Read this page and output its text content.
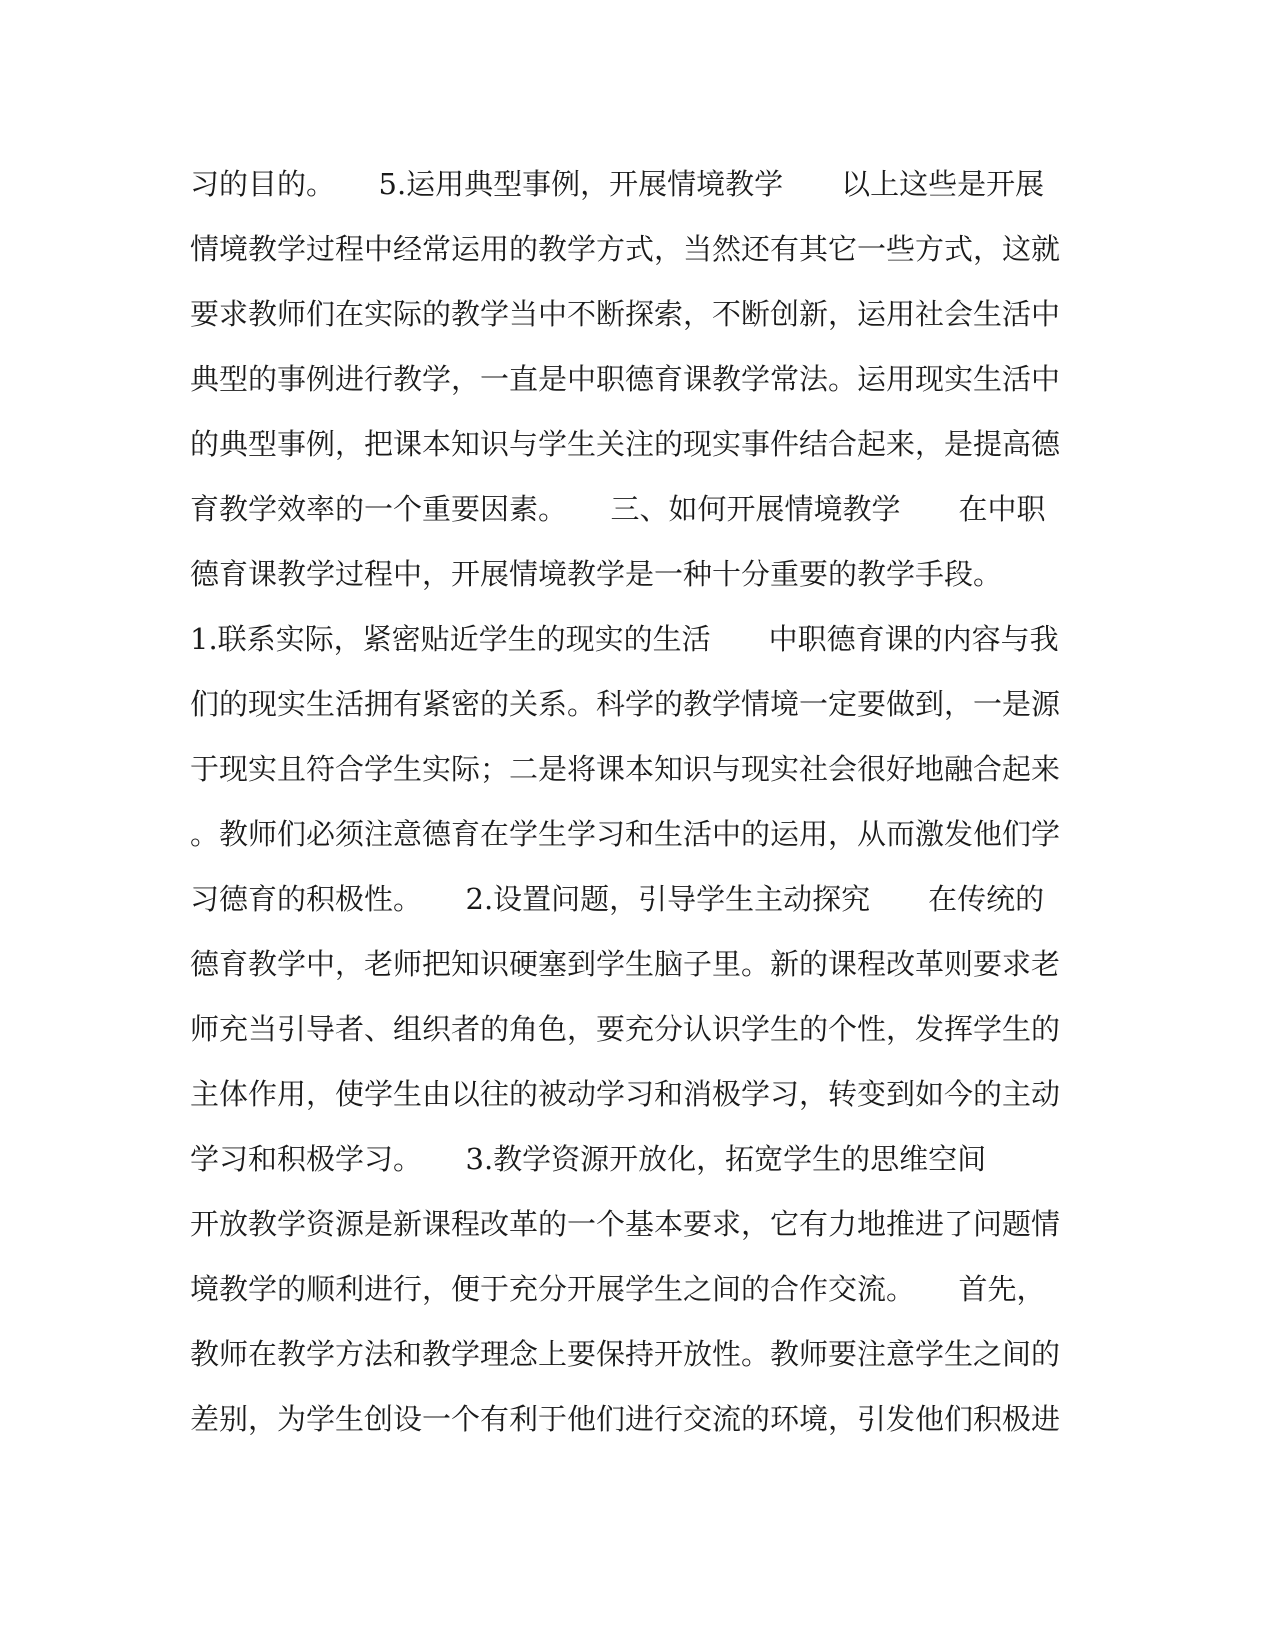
习的目的。　　5.运用典型事例，开展情境教学　　以上这些是开展
情境教学过程中经常运用的教学方式，当然还有其它一些方式，这就
要求教师们在实际的教学当中不断探索，不断创新，运用社会生活中
典型的事例进行教学，一直是中职德育课教学常法。运用现实生活中
的典型事例，把课本知识与学生关注的现实事件结合起来，是提高德
育教学效率的一个重要因素。　　三、如何开展情境教学　　在中职
德育课教学过程中，开展情境教学是一种十分重要的教学手段。
1.联系实际，紧密贴近学生的现实的生活　　中职德育课的内容与我
们的现实生活拥有紧密的关系。科学的教学情境一定要做到，一是源
于现实且符合学生实际；二是将课本知识与现实社会很好地融合起来
。教师们必须注意德育在学生学习和生活中的运用，从而激发他们学
习德育的积极性。　　2.设置问题，引导学生主动探究　　在传统的
德育教学中，老师把知识硬塞到学生脑子里。新的课程改革则要求老
师充当引导者、组织者的角色，要充分认识学生的个性，发挥学生的
主体作用，使学生由以往的被动学习和消极学习，转变到如今的主动
学习和积极学习。　　3.教学资源开放化，拓宽学生的思维空间
开放教学资源是新课程改革的一个基本要求，它有力地推进了问题情
境教学的顺利进行，便于充分开展学生之间的合作交流。　　首先，
教师在教学方法和教学理念上要保持开放性。教师要注意学生之间的
差别，为学生创设一个有利于他们进行交流的环境，引发他们积极进
